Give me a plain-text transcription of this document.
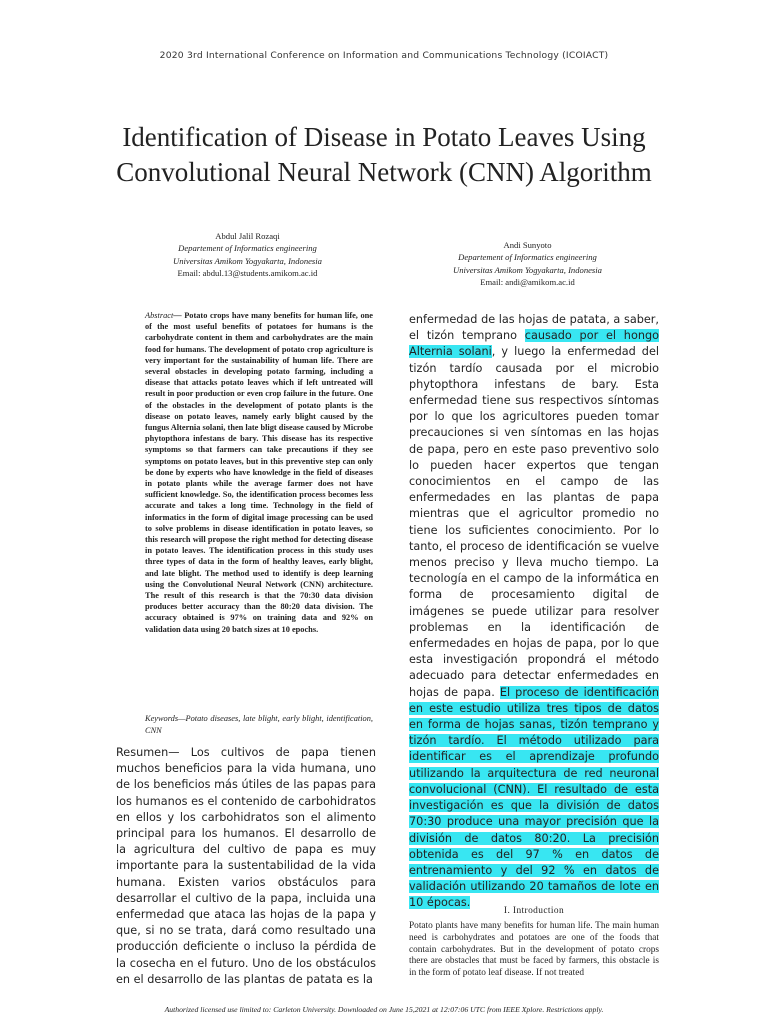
2020 3rd International Conference on Information and Communications Technology (ICOIACT)
Identification of Disease in Potato Leaves Using Convolutional Neural Network (CNN) Algorithm
Abdul Jalil Rozaqi
Departement of Informatics engineering
Universitas Amikom Yogyakarta, Indonesia
Email: abdul.13@students.amikom.ac.id
Andi Sunyoto
Departement of Informatics engineering
Universitas Amikom Yogyakarta, Indonesia
Email: andi@amikom.ac.id
Abstract— Potato crops have many benefits for human life, one of the most useful benefits of potatoes for humans is the carbohydrate content in them and carbohydrates are the main food for humans. The development of potato crop agriculture is very important for the sustainability of human life. There are several obstacles in developing potato farming, including a disease that attacks potato leaves which if left untreated will result in poor production or even crop failure in the future. One of the obstacles in the development of potato plants is the disease on potato leaves, namely early blight caused by the fungus Alternia solani, then late bligt disease caused by Microbe phytopthora infestans de bary. This disease has its respective symptoms so that farmers can take precautions if they see symptoms on potato leaves, but in this preventive step can only be done by experts who have knowledge in the field of diseases in potato plants while the average farmer does not have sufficient knowledge. So, the identification process becomes less accurate and takes a long time. Technology in the field of informatics in the form of digital image processing can be used to solve problems in disease identification in potato leaves, so this research will propose the right method for detecting disease in potato leaves. The identification process in this study uses three types of data in the form of healthy leaves, early blight, and late blight. The method used to identify is deep learning using the Convolutional Neural Network (CNN) architecture. The result of this research is that the 70:30 data division produces better accuracy than the 80:20 data division. The accuracy obtained is 97% on training data and 92% on validation data using 20 batch sizes at 10 epochs.
Keywords—Potato diseases, late blight, early blight, identification, CNN
Resumen— Los cultivos de papa tienen muchos beneficios para la vida humana, uno de los beneficios más útiles de las papas para los humanos es el contenido de carbohidratos en ellos y los carbohidratos son el alimento principal para los humanos. El desarrollo de la agricultura del cultivo de papa es muy importante para la sustentabilidad de la vida humana. Existen varios obstáculos para desarrollar el cultivo de la papa, incluida una enfermedad que ataca las hojas de la papa y que, si no se trata, dará como resultado una producción deficiente o incluso la pérdida de la cosecha en el futuro. Uno de los obstáculos en el desarrollo de las plantas de patata es la
enfermedad de las hojas de patata, a saber, el tizón temprano causado por el hongo Alternia solani, y luego la enfermedad del tizón tardío causada por el microbio phytopthora infestans de bary. Esta enfermedad tiene sus respectivos síntomas por lo que los agricultores pueden tomar precauciones si ven síntomas en las hojas de papa, pero en este paso preventivo solo lo pueden hacer expertos que tengan conocimientos en el campo de las enfermedades en las plantas de papa mientras que el agricultor promedio no tiene los suficientes conocimiento. Por lo tanto, el proceso de identificación se vuelve menos preciso y lleva mucho tiempo. La tecnología en el campo de la informática en forma de procesamiento digital de imágenes se puede utilizar para resolver problemas en la identificación de enfermedades en hojas de papa, por lo que esta investigación propondrá el método adecuado para detectar enfermedades en hojas de papa. El proceso de identificación en este estudio utiliza tres tipos de datos en forma de hojas sanas, tizón temprano y tizón tardío. El método utilizado para identificar es el aprendizaje profundo utilizando la arquitectura de red neuronal convolucional (CNN). El resultado de esta investigación es que la división de datos 70:30 produce una mayor precisión que la división de datos 80:20. La precisión obtenida es del 97 % en datos de entrenamiento y del 92 % en datos de validación utilizando 20 tamaños de lote en 10 épocas.
I. Introduction
Potato plants have many benefits for human life. The main human need is carbohydrates and potatoes are one of the foods that contain carbohydrates. But in the development of potato crops there are obstacles that must be faced by farmers, this obstacle is in the form of potato leaf disease. If not treated
Authorized licensed use limited to: Carleton University. Downloaded on June 15,2021 at 12:07:06 UTC from IEEE Xplore. Restrictions apply.
